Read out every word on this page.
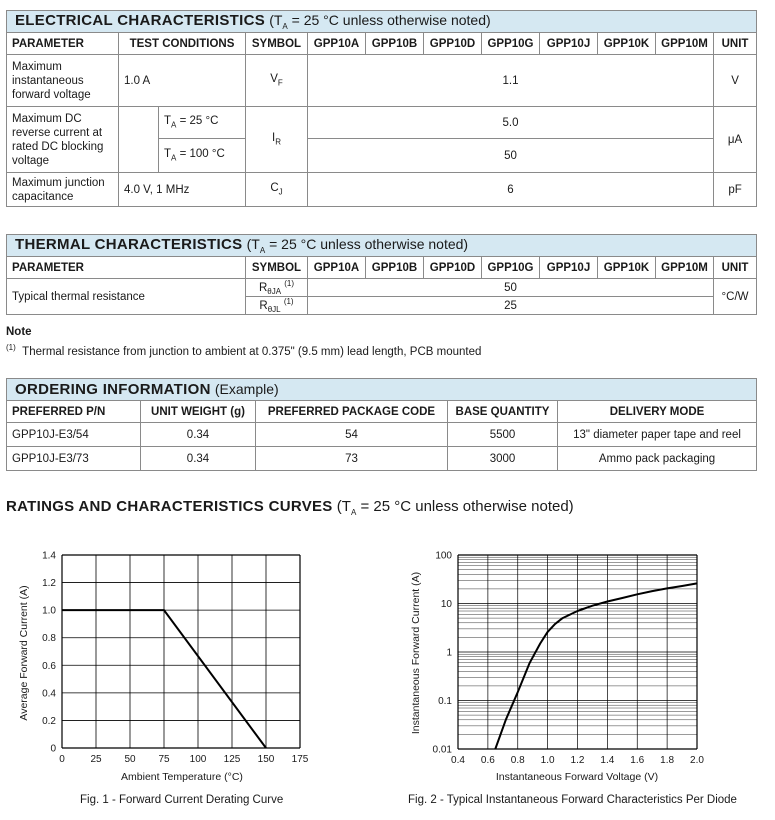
ELECTRICAL CHARACTERISTICS ($T_A = 25$ °C unless otherwise noted)											
PARAMETER	TEST CONDITIONS		SYMBOL	GPP10A	GPP10B	GPP10D	GPP10G	GPP10J	GPP10K	GPP10M	UNIT
Maximum instantaneous forward voltage	1.0 A		$V_F$	1.1							V
Maximum DC reverse current at rated DC blocking voltage		$T_A = 25$ °C	$I_R$	5.0							μA
		$T_A = 100$ °C		50							
Maximum junction capacitance	4.0 V, 1 MHz		$C_J$	6							pF
THERMAL CHARACTERISTICS ($T_A = 25$ °C unless otherwise noted)									
PARAMETER	SYMBOL	GPP10A	GPP10B	GPP10D	GPP10G	GPP10J	GPP10K	GPP10M	UNIT
Typical thermal resistance	$R_{\theta JA}$ $^{(1)}$	50							°C/W
	$R_{\theta JL}$ $^{(1)}$	25							
Note
$^{(1)}$ Thermal resistance from junction to ambient at 0.375" (9.5 mm) lead length, PCB mounted
ORDERING INFORMATION (Example)				
PREFERRED P/N	UNIT WEIGHT (g)	PREFERRED PACKAGE CODE	BASE QUANTITY	DELIVERY MODE
GPP10J-E3/54	0.34	54	5500	13" diameter paper tape and reel
GPP10J-E3/73	0.34	73	3000	Ammo pack packaging
RATINGS AND CHARACTERISTICS CURVES ($T_A = 25$ °C unless otherwise noted)
0	25 50 75 100 125 150 175
0
0.2
0.4
0.6
0.8
1.0
1.2
1.4
Ambient Temperature (°C)
Average Forward Current (A)
Fig. 1 - Forward Current Derating Curve
0.4 0.6 0.8 1.0 1.2 1.4 1.6 1.8 2.0
0.01
0.1
1
10
100
Instantaneous Forward Voltage (V)
Instantaneous Forward Current (A)
Fig. 2 - Typical Instantaneous Forward Characteristics Per Diode
